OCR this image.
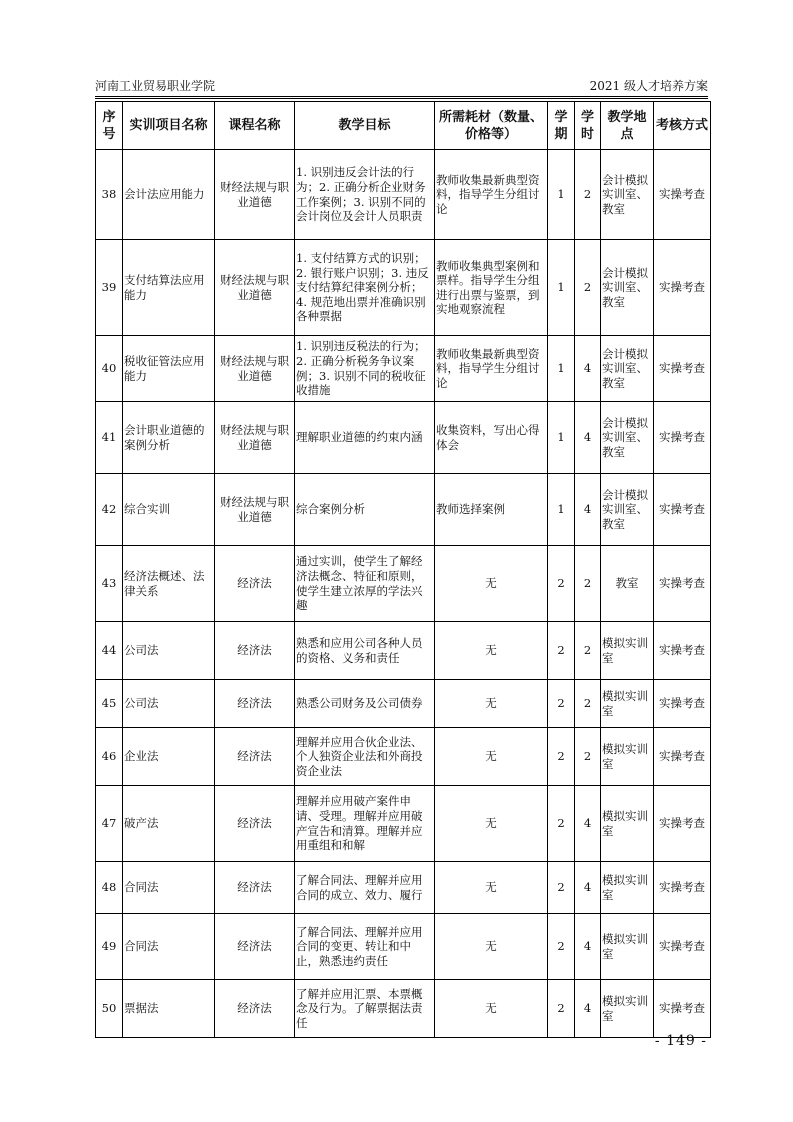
河南工业贸易职业学院	2021 级人才培养方案
序号	实训项目名称	课程名称	教学目标	所需耗材（数量、价格等）	学期	学时	教学地点	考核方式
38	会计法应用能力	财经法规与职业道德	1. 识别违反会计法的行为；2. 正确分析企业财务工作案例；3. 识别不同的会计岗位及会计人员职责	教师收集最新典型资料，指导学生分组讨论	1	2	会计模拟实训室、教室	实操考查
39	支付结算法应用能力	财经法规与职业道德	1. 支付结算方式的识别；2. 银行账户识别；3. 违反支付结算纪律案例分析；4. 规范地出票并准确识别各种票据	教师收集典型案例和票样。指导学生分组进行出票与鉴票，到实地观察流程	1	2	会计模拟实训室、教室	实操考查
40	税收征管法应用能力	财经法规与职业道德	1. 识别违反税法的行为；2. 正确分析税务争议案例；3. 识别不同的税收征收措施	教师收集最新典型资料，指导学生分组讨论	1	4	会计模拟实训室、教室	实操考查
41	会计职业道德的案例分析	财经法规与职业道德	理解职业道德的约束内涵	收集资料，写出心得体会	1	4	会计模拟实训室、教室	实操考查
42	综合实训	财经法规与职业道德	综合案例分析	教师选择案例	1	4	会计模拟实训室、教室	实操考查
43	经济法概述、法律关系	经济法	通过实训，使学生了解经济法概念、特征和原则，使学生建立浓厚的学法兴趣	无	2	2	教室	实操考查
44	公司法	经济法	熟悉和应用公司各种人员的资格、义务和责任	无	2	2	模拟实训室	实操考查
45	公司法	经济法	熟悉公司财务及公司债券	无	2	2	模拟实训室	实操考查
46	企业法	经济法	理解并应用合伙企业法、个人独资企业法和外商投资企业法	无	2	2	模拟实训室	实操考查
47	破产法	经济法	理解并应用破产案件申请、受理。理解并应用破产宣告和清算。理解并应用重组和和解	无	2	4	模拟实训室	实操考查
48	合同法	经济法	了解合同法、理解并应用合同的成立、效力、履行	无	2	4	模拟实训室	实操考查
49	合同法	经济法	了解合同法、理解并应用合同的变更、转让和中止，熟悉违约责任	无	2	4	模拟实训室	实操考查
50	票据法	经济法	了解并应用汇票、本票概念及行为。了解票据法责任	无	2	4	模拟实训室	实操考查
- 149 -
